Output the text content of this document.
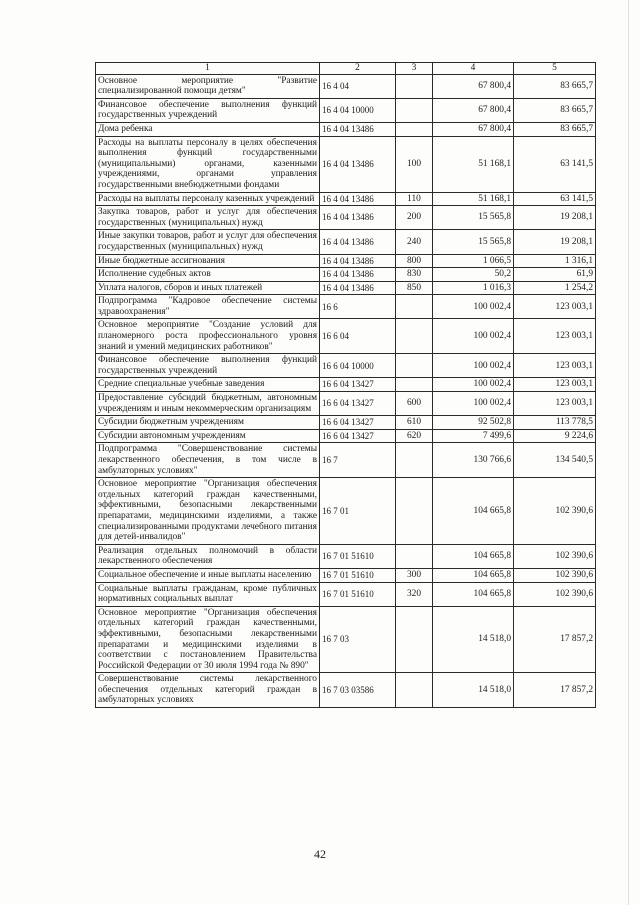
1	2	3	4	5
Основное мероприятие "Развитие специализированной помощи детям"	16 4 04		67 800,4	83 665,7
Финансовое обеспечение выполнения функций государственных учреждений	16 4 04 10000		67 800,4	83 665,7
Дома ребенка	16 4 04 13486		67 800,4	83 665,7
Расходы на выплаты персоналу в целях обеспечения выполнения функций государственными (муниципальными) органами, казенными учреждениями, органами управления государственными внебюджетными фондами	16 4 04 13486	100	51 168,1	63 141,5
Расходы на выплаты персоналу казенных учреждений	16 4 04 13486	110	51 168,1	63 141,5
Закупка товаров, работ и услуг для обеспечения государственных (муниципальных) нужд	16 4 04 13486	200	15 565,8	19 208,1
Иные закупки товаров, работ и услуг для обеспечения государственных (муниципальных) нужд	16 4 04 13486	240	15 565,8	19 208,1
Иные бюджетные ассигнования	16 4 04 13486	800	1 066,5	1 316,1
Исполнение судебных актов	16 4 04 13486	830	50,2	61,9
Уплата налогов, сборов и иных платежей	16 4 04 13486	850	1 016,3	1 254,2
Подпрограмма "Кадровое обеспечение системы здравоохранения"	16 6		100 002,4	123 003,1
Основное мероприятие "Создание условий для планомерного роста профессионального уровня знаний и умений медицинских работников"	16 6 04		100 002,4	123 003,1
Финансовое обеспечение выполнения функций государственных учреждений	16 6 04 10000		100 002,4	123 003,1
Средние специальные учебные заведения	16 6 04 13427		100 002,4	123 003,1
Предоставление субсидий бюджетным, автономным учреждениям и иным некоммерческим организациям	16 6 04 13427	600	100 002,4	123 003,1
Субсидии бюджетным учреждениям	16 6 04 13427	610	92 502,8	113 778,5
Субсидии автономным учреждениям	16 6 04 13427	620	7 499,6	9 224,6
Подпрограмма "Совершенствование системы лекарственного обеспечения, в том числе в амбулаторных условиях"	16 7		130 766,6	134 540,5
Основное мероприятие "Организация обеспечения отдельных категорий граждан качественными, эффективными, безопасными лекарственными препаратами, медицинскими изделиями, а также специализированными продуктами лечебного питания для детей-инвалидов"	16 7 01		104 665,8	102 390,6
Реализация отдельных полномочий в области лекарственного обеспечения	16 7 01 51610		104 665,8	102 390,6
Социальное обеспечение и иные выплаты населению	16 7 01 51610	300	104 665,8	102 390,6
Социальные выплаты гражданам, кроме публичных нормативных социальных выплат	16 7 01 51610	320	104 665,8	102 390,6
Основное мероприятие "Организация обеспечения отдельных категорий граждан качественными, эффективными, безопасными лекарственными препаратами и медицинскими изделиями в соответствии с постановлением Правительства Российской Федерации от 30 июля 1994 года № 890"	16 7 03		14 518,0	17 857,2
Совершенствование системы лекарственного обеспечения отдельных категорий граждан в амбулаторных условиях	16 7 03 03586		14 518,0	17 857,2
42
